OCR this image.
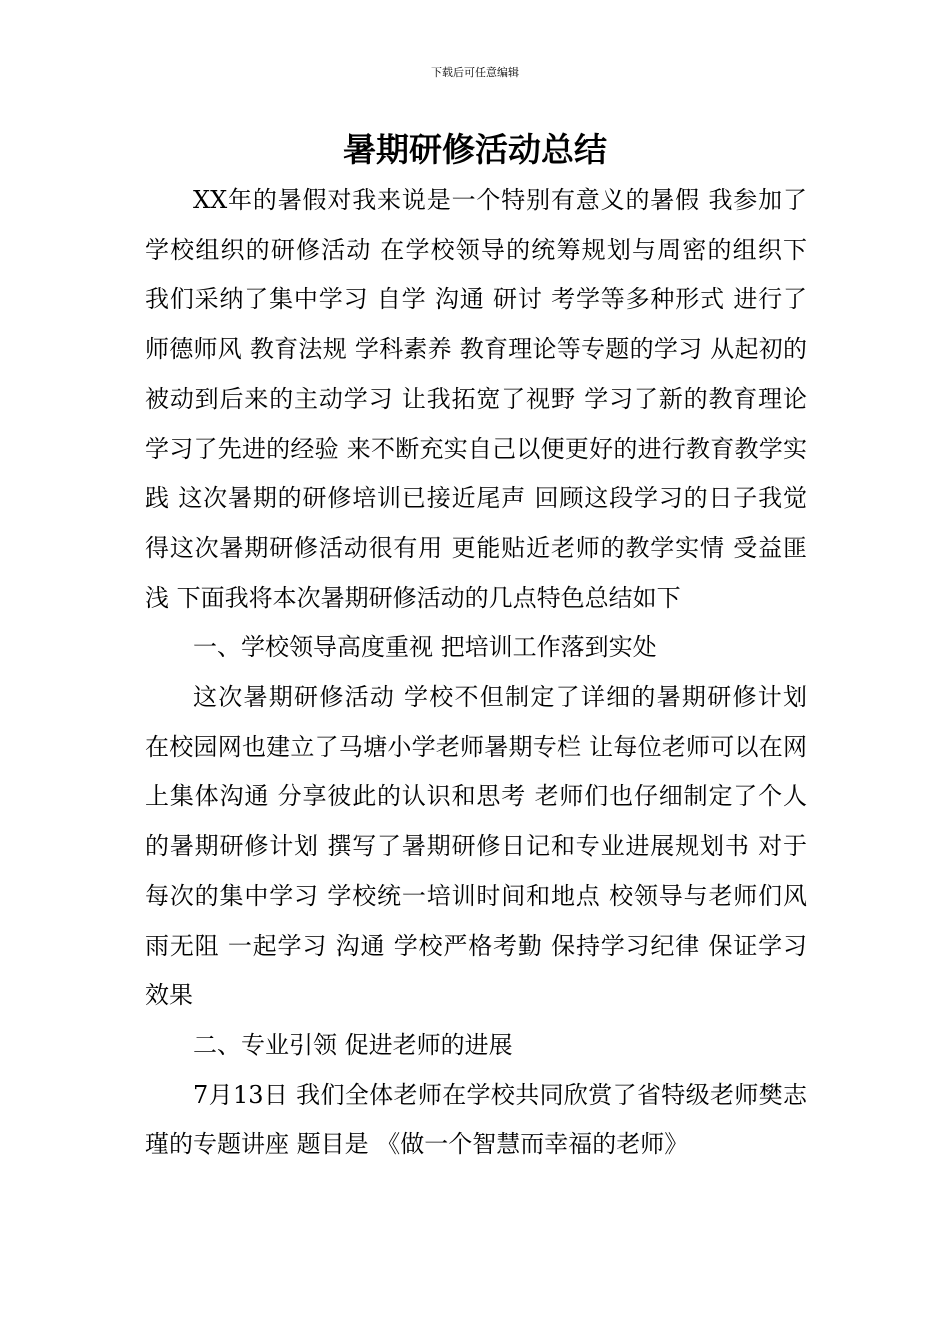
下载后可任意编辑
暑期研修活动总结

XX年的暑假对我来说是一个特别有意义的暑假 我参加了学校组织的研修活动 在学校领导的统筹规划与周密的组织下 我们采纳了集中学习 自学 沟通 研讨 考学等多种形式 进行了师德师风 教育法规 学科素养 教育理论等专题的学习 从起初的被动到后来的主动学习 让我拓宽了视野 学习了新的教育理论 学习了先进的经验 来不断充实自己以便更好的进行教育教学实践 这次暑期的研修培训已接近尾声 回顾这段学习的日子我觉得这次暑期研修活动很有用 更能贴近老师的教学实情 受益匪浅 下面我将本次暑期研修活动的几点特色总结如下

一、学校领导高度重视 把培训工作落到实处

这次暑期研修活动 学校不但制定了详细的暑期研修计划 在校园网也建立了马塘小学老师暑期专栏 让每位老师可以在网上集体沟通 分享彼此的认识和思考 老师们也仔细制定了个人的暑期研修计划 撰写了暑期研修日记和专业进展规划书 对于每次的集中学习 学校统一培训时间和地点 校领导与老师们风雨无阻 一起学习 沟通 学校严格考勤 保持学习纪律 保证学习效果

二、专业引领 促进老师的进展

7月13日 我们全体老师在学校共同欣赏了省特级老师樊志瑾的专题讲座 题目是 《做一个智慧而幸福的老师》
